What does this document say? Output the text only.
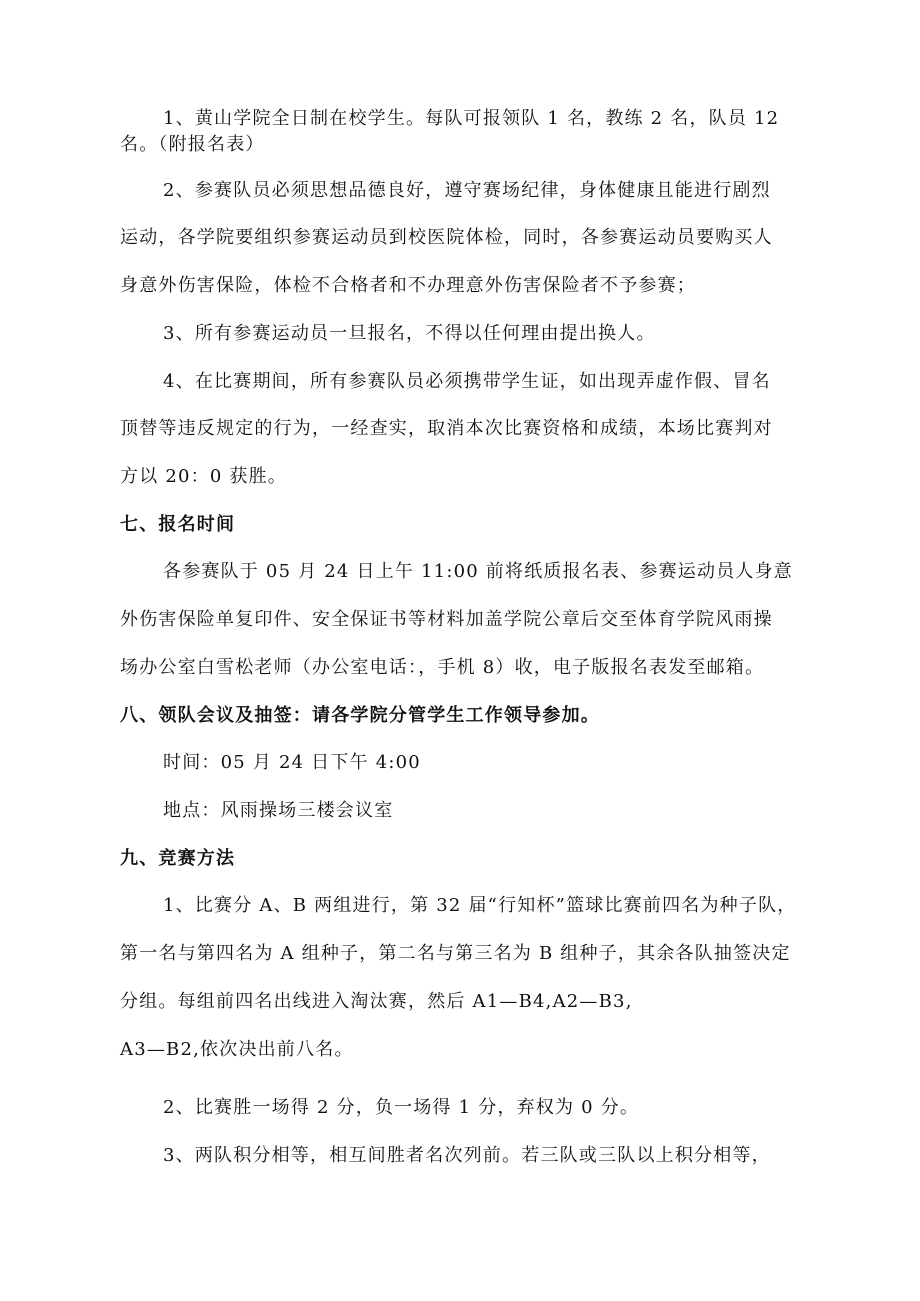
1、黄山学院全日制在校学生。每队可报领队 1 名，教练 2 名，队员 12
名。（附报名表）
2、参赛队员必须思想品德良好，遵守赛场纪律，身体健康且能进行剧烈
运动，各学院要组织参赛运动员到校医院体检，同时，各参赛运动员要购买人
身意外伤害保险，体检不合格者和不办理意外伤害保险者不予参赛；
3、所有参赛运动员一旦报名，不得以任何理由提出换人。
4、在比赛期间，所有参赛队员必须携带学生证，如出现弄虚作假、冒名
顶替等违反规定的行为，一经查实，取消本次比赛资格和成绩，本场比赛判对
方以 20：0 获胜。
七、报名时间
各参赛队于 05 月 24 日上午 11:00 前将纸质报名表、参赛运动员人身意
外伤害保险单复印件、安全保证书等材料加盖学院公章后交至体育学院风雨操
场办公室白雪松老师（办公室电话：，手机 8）收，电子版报名表发至邮箱。
八、领队会议及抽签：请各学院分管学生工作领导参加。
时间：05 月 24 日下午 4:00
地点：风雨操场三楼会议室
九、竞赛方法
1、比赛分 A、B 两组进行，第 32 届“行知杯”篮球比赛前四名为种子队，
第一名与第四名为 A 组种子，第二名与第三名为 B 组种子，其余各队抽签决定
分组。每组前四名出线进入淘汰赛，然后 A1—B4,A2—B3,
A3—B2,依次决出前八名。
2、比赛胜一场得 2 分，负一场得 1 分，弃权为 0 分。
3、两队积分相等，相互间胜者名次列前。若三队或三队以上积分相等，
